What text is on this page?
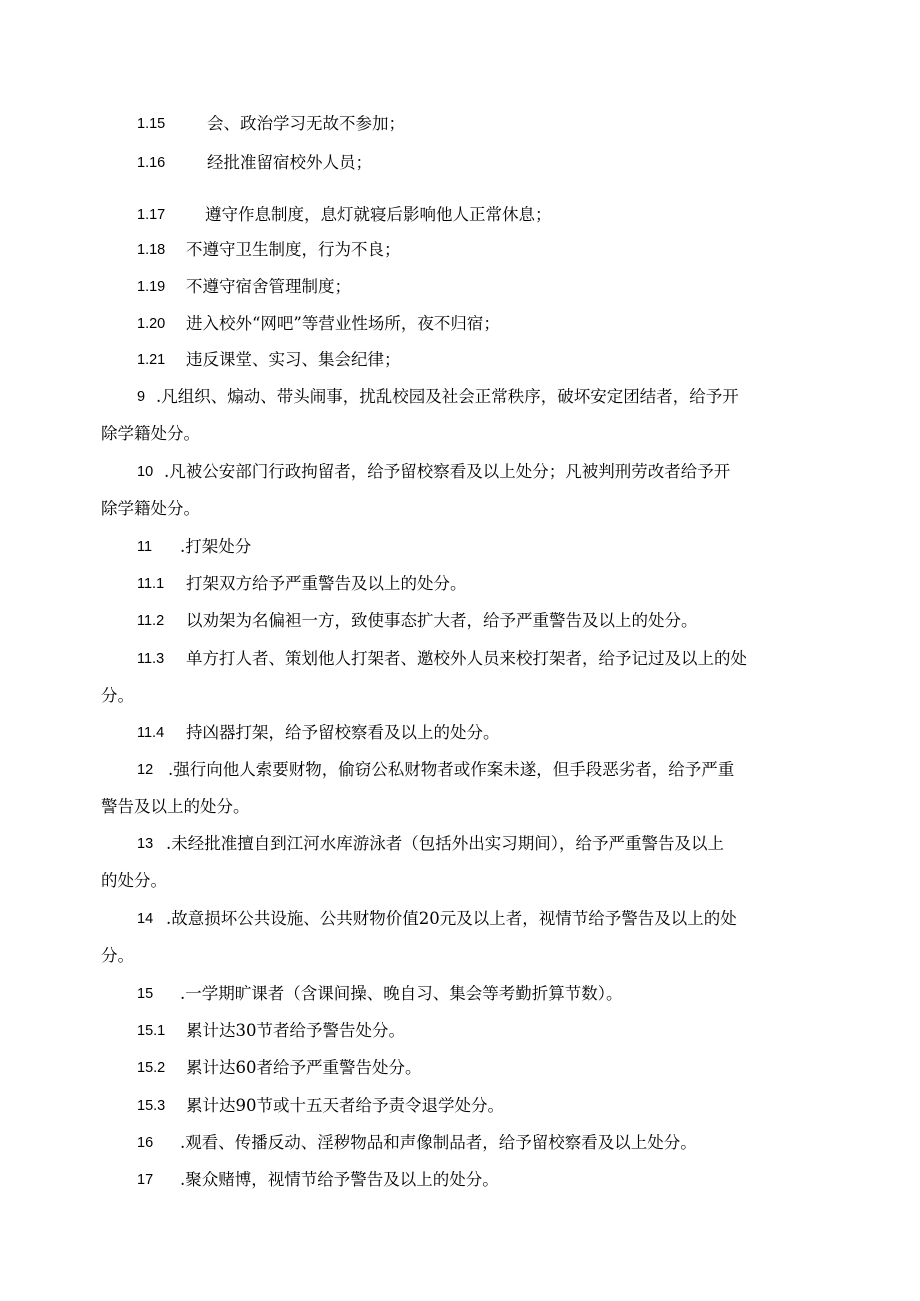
1.15	会、政治学习无故不参加；
1.16	经批准留宿校外人员；
1.17 遵守作息制度，息灯就寝后影响他人正常休息；
1.18 不遵守卫生制度，行为不良；
1.19 不遵守宿舍管理制度；
1.20 进入校外“网吧”等营业性场所，夜不归宿；
1.21 违反课堂、实习、集会纪律；
9 .凡组织、煽动、带头闹事，扰乱校园及社会正常秩序，破坏安定团结者，给予开
除学籍处分。
10 .凡被公安部门行政拘留者，给予留校察看及以上处分；凡被判刑劳改者给予开
除学籍处分。
11 .打架处分
11.1 打架双方给予严重警告及以上的处分。
11.2 以劝架为名偏袒一方，致使事态扩大者，给予严重警告及以上的处分。
11.3 单方打人者、策划他人打架者、邀校外人员来校打架者，给予记过及以上的处
分。
11.4 持凶器打架，给予留校察看及以上的处分。
12 .强行向他人索要财物，偷窃公私财物者或作案未遂，但手段恶劣者，给予严重
警告及以上的处分。
13 .未经批准擅自到江河水库游泳者（包括外出实习期间），给予严重警告及以上
的处分。
14 .故意损坏公共设施、公共财物价值20元及以上者，视情节给予警告及以上的处
分。
15 .一学期旷课者（含课间操、晚自习、集会等考勤折算节数）。
15.1 累计达30节者给予警告处分。
15.2 累计达60者给予严重警告处分。
15.3 累计达90节或十五天者给予责令退学处分。
16 .观看、传播反动、淫秽物品和声像制品者，给予留校察看及以上处分。
17 .聚众赌博，视情节给予警告及以上的处分。
